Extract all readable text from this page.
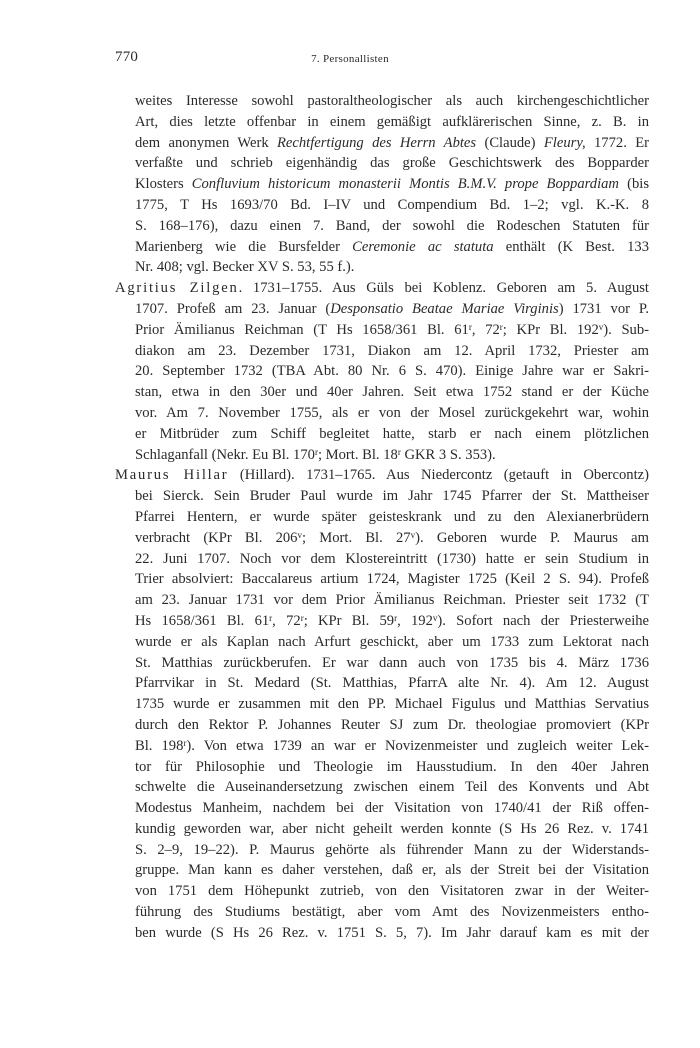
770	7. Personallisten
weites Interesse sowohl pastoraltheologischer als auch kirchengeschichtlicher
Art, dies letzte offenbar in einem gemäßigt aufklärerischen Sinne, z. B. in
dem anonymen Werk Rechtfertigung des Herrn Abtes (Claude) Fleury, 1772. Er
verfaßte und schrieb eigenhändig das große Geschichtswerk des Bopparder
Klosters Confluvium historicum monasterii Montis B.M.V. prope Boppardiam (bis
1775, T Hs 1693/70 Bd. I–IV und Compendium Bd. 1–2; vgl. K.-K. 8
S. 168–176), dazu einen 7. Band, der sowohl die Rodeschen Statuten für
Marienberg wie die Bursfelder Ceremonie ac statuta enthält (K Best. 133
Nr. 408; vgl. Becker XV S. 53, 55 f.).
Agritius Zilgen. 1731–1755. Aus Güls bei Koblenz. Geboren am 5. August
1707. Profeß am 23. Januar (Desponsatio Beatae Mariae Virginis) 1731 vor P.
Prior Ämilianus Reichman (T Hs 1658/361 Bl. 61$^r$, 72$^r$; KPr Bl. 192$^v$). Sub-
diakon am 23. Dezember 1731, Diakon am 12. April 1732, Priester am
20. September 1732 (TBA Abt. 80 Nr. 6 S. 470). Einige Jahre war er Sakri-
stan, etwa in den 30er und 40er Jahren. Seit etwa 1752 stand er der Küche
vor. Am 7. November 1755, als er von der Mosel zurückgekehrt war, wohin
er Mitbrüder zum Schiff begleitet hatte, starb er nach einem plötzlichen
Schlaganfall (Nekr. Eu Bl. 170$^r$; Mort. Bl. 18$^r$ GKR 3 S. 353).
Maurus Hillar (Hillard). 1731–1765. Aus Niedercontz (getauft in Obercontz)
bei Sierck. Sein Bruder Paul wurde im Jahr 1745 Pfarrer der St. Mattheiser
Pfarrei Hentern, er wurde später geisteskrank und zu den Alexianerbrüdern
verbracht (KPr Bl. 206$^v$; Mort. Bl. 27$^v$). Geboren wurde P. Maurus am
22. Juni 1707. Noch vor dem Klostereintritt (1730) hatte er sein Studium in
Trier absolviert: Baccalareus artium 1724, Magister 1725 (Keil 2 S. 94). Profeß
am 23. Januar 1731 vor dem Prior Ämilianus Reichman. Priester seit 1732 (T
Hs 1658/361 Bl. 61$^r$, 72$^r$; KPr Bl. 59$^r$, 192$^v$). Sofort nach der Priesterweihe
wurde er als Kaplan nach Arfurt geschickt, aber um 1733 zum Lektorat nach
St. Matthias zurückberufen. Er war dann auch von 1735 bis 4. März 1736
Pfarrvikar in St. Medard (St. Matthias, PfarrA alte Nr. 4). Am 12. August
1735 wurde er zusammen mit den PP. Michael Figulus und Matthias Servatius
durch den Rektor P. Johannes Reuter SJ zum Dr. theologiae promoviert (KPr
Bl. 198$^r$). Von etwa 1739 an war er Novizenmeister und zugleich weiter Lek-
tor für Philosophie und Theologie im Hausstudium. In den 40er Jahren
schwelte die Auseinandersetzung zwischen einem Teil des Konvents und Abt
Modestus Manheim, nachdem bei der Visitation von 1740/41 der Riß offen-
kundig geworden war, aber nicht geheilt werden konnte (S Hs 26 Rez. v. 1741
S. 2–9, 19–22). P. Maurus gehörte als führender Mann zu der Widerstands-
gruppe. Man kann es daher verstehen, daß er, als der Streit bei der Visitation
von 1751 dem Höhepunkt zutrieb, von den Visitatoren zwar in der Weiter-
führung des Studiums bestätigt, aber vom Amt des Novizenmeisters entho-
ben wurde (S Hs 26 Rez. v. 1751 S. 5, 7). Im Jahr darauf kam es mit der
